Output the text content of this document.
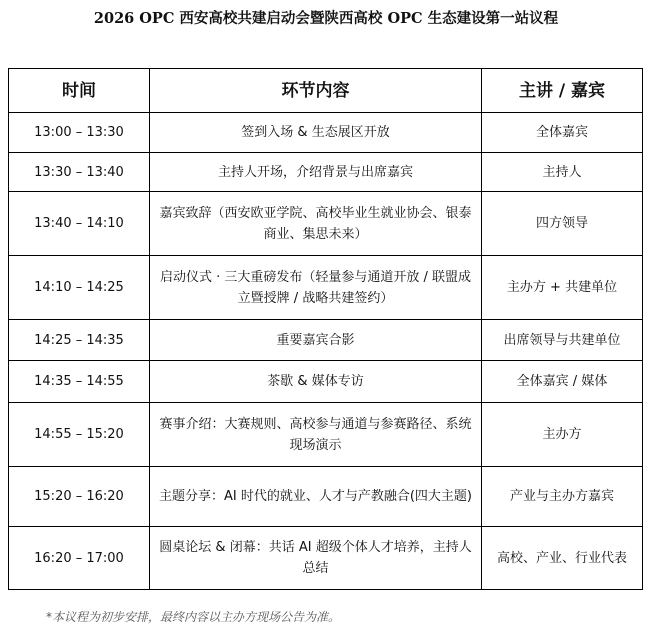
2026 OPC 西安高校共建启动会暨陕西高校 OPC 生态建设第一站议程
时间	环节内容	主讲 / 嘉宾
13:00 – 13:30	签到入场 & 生态展区开放	全体嘉宾
13:30 – 13:40	主持人开场，介绍背景与出席嘉宾	主持人
13:40 – 14:10	嘉宾致辞（西安欧亚学院、高校毕业生就业协会、银泰商业、集思未来）	四方领导
14:10 – 14:25	启动仪式 · 三大重磅发布（轻量参与通道开放 / 联盟成立暨授牌 / 战略共建签约）	主办方 + 共建单位
14:25 – 14:35	重要嘉宾合影	出席领导与共建单位
14:35 – 14:55	茶歇 & 媒体专访	全体嘉宾 / 媒体
14:55 – 15:20	赛事介绍：大赛规则、高校参与通道与参赛路径、系统现场演示	主办方
15:20 – 16:20	主题分享：AI 时代的就业、人才与产教融合(四大主题)	产业与主办方嘉宾
16:20 – 17:00	圆桌论坛 & 闭幕：共话 AI 超级个体人才培养，主持人总结	高校、产业、行业代表
*本议程为初步安排，最终内容以主办方现场公告为准。
